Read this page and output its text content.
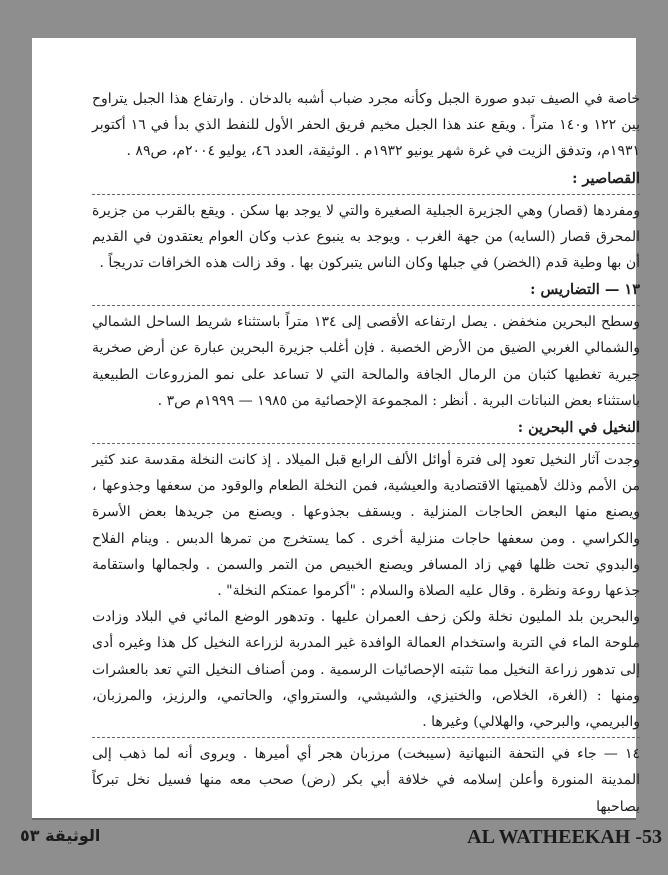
خاصة في الصيف تبدو صورة الجبل وكأنه مجرد ضباب أشبه بالدخان . وارتفاع هذا الجبل يتراوح بين ١٢٢ و١٤٠ متراً . ويقع عند هذا الجبل مخيم فريق الحفر الأول للنفط الذي بدأ في ١٦ أكتوبر ١٩٣١م، وتدفق الزيت في غرة شهر يونيو ١٩٣٢م . الوثيقة، العدد ٤٦، يوليو ٢٠٠٤م، ص٨٩ .

القصاصير :

ومفردها (قصار) وهي الجزيرة الجبلية الصغيرة والتي لا يوجد بها سكن . ويقع بالقرب من جزيرة المحرق قصار (السايه) من جهة الغرب . ويوجد به ينبوع عذب وكان العوام يعتقدون في القديم أن بها وطية قدم (الخضر) في جبلها وكان الناس يتبركون بها . وقد زالت هذه الخرافات تدريجاً .

١٣ — التضاريس :

وسطح البحرين منخفض . يصل ارتفاعه الأقصى إلى ١٣٤ متراً باستثناء شريط الساحل الشمالي والشمالي الغربي الضيق من الأرض الخصبة . فإن أغلب جزيرة البحرين عبارة عن أرض صخرية جيرية تغطيها كثبان من الرمال الجافة والمالحة التي لا تساعد على نمو المزروعات الطبيعية باستثناء بعض النباتات البرية . أنظر : المجموعة الإحصائية من ١٩٨٥ — ١٩٩٩م ص٣ .

النخيل في البحرين :

وجدت آثار النخيل تعود إلى فترة أوائل الألف الرابع قبل الميلاد . إذ كانت النخلة مقدسة عند كثير من الأمم وذلك لأهميتها الاقتصادية والعيشية، فمن النخلة الطعام والوقود من سعفها وجذوعها ، ويصنع منها البعض الحاجات المنزلية . ويسقف بجذوعها . ويصنع من جريدها بعض الأسرة والكراسي . ومن سعفها حاجات منزلية أخرى . كما يستخرج من تمرها الدبس . وينام الفلاح والبدوي تحت ظلها فهي زاد المسافر ويصنع الخبيص من التمر والسمن . ولجمالها واستقامة جذعها روعة ونظرة . وقال عليه الصلاة والسلام : "أكرموا عمتكم النخلة" .

والبحرين بلد المليون نخلة ولكن زحف العمران عليها . وتدهور الوضع المائي في البلاد وزادت ملوحة الماء في التربة واستخدام العمالة الوافدة غير المدربة لزراعة النخيل كل هذا وغيره أدى إلى تدهور زراعة النخيل مما تثبته الإحصائيات الرسمية . ومن أصناف النخيل التي تعد بالعشرات ومنها : (الغرة، الخلاص، والخنيزي، والشيشي، والسترواي، والحاتمي، والرزيز، والمرزبان، والبريمي، والبرحي، والهلالي) وغيرها .

١٤ — جاء في التحفة النبهانية (سيبخت) مرزبان هجر أي أميرها . ويروى أنه لما ذهب إلى المدينة المنورة وأعلن إسلامه في خلافة أبي بكر (رض) صحب معه منها فسيل نخل تبركاً بصاحبها

الوثيقة ٥٣	AL WATHEEKAH -53
